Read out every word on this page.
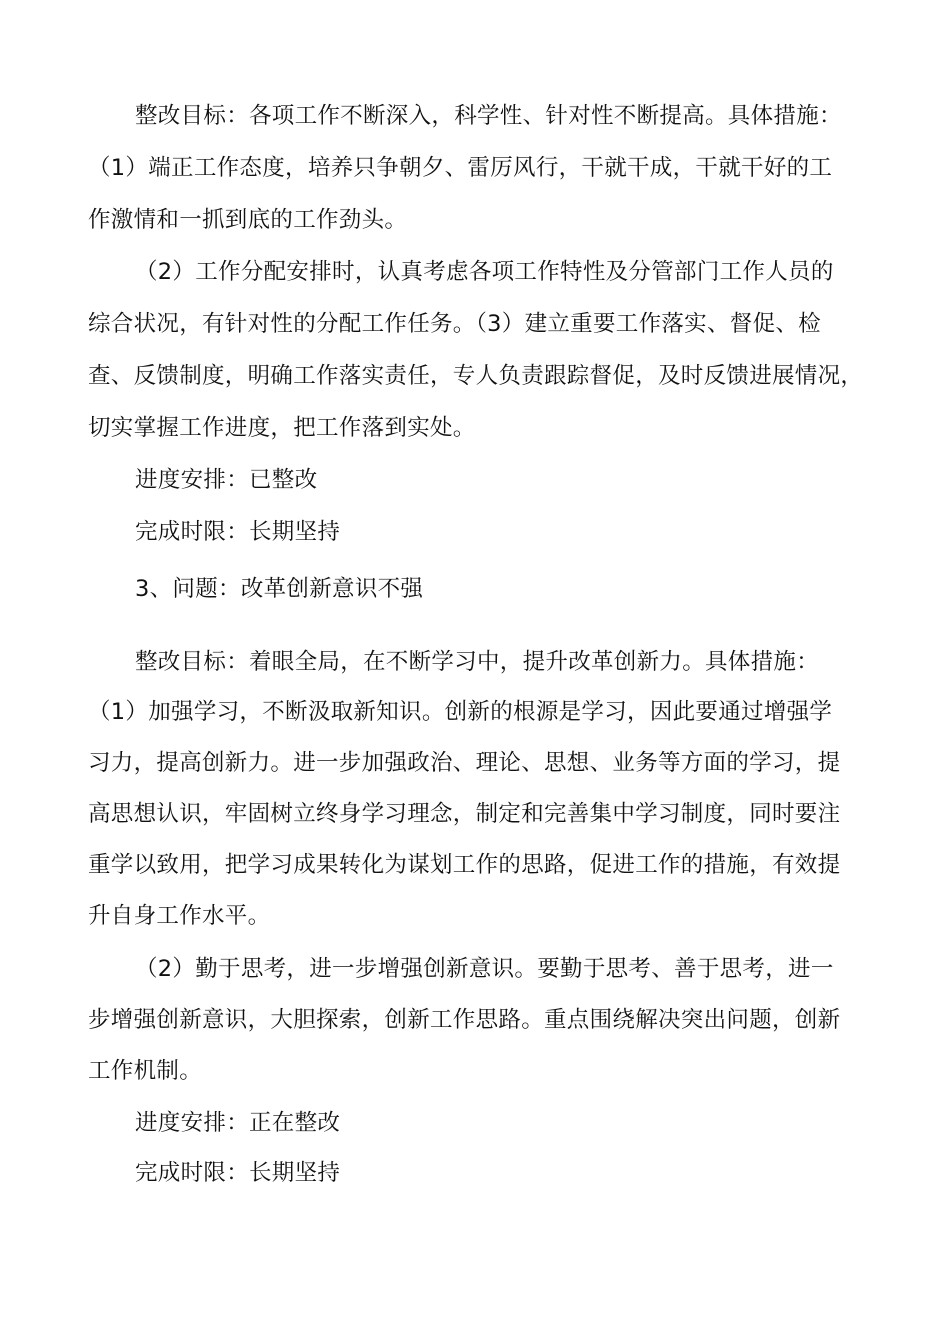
整改目标：各项工作不断深入，科学性、针对性不断提高。具体措施：
（1）端正工作态度，培养只争朝夕、雷厉风行，干就干成，干就干好的工
作激情和一抓到底的工作劲头。
（2）工作分配安排时，认真考虑各项工作特性及分管部门工作人员的
综合状况，有针对性的分配工作任务。（3）建立重要工作落实、督促、检
查、反馈制度，明确工作落实责任，专人负责跟踪督促，及时反馈进展情况，
切实掌握工作进度，把工作落到实处。
进度安排：已整改
完成时限：长期坚持
3、问题：改革创新意识不强
整改目标：着眼全局，在不断学习中，提升改革创新力。具体措施：
（1）加强学习，不断汲取新知识。创新的根源是学习，因此要通过增强学
习力，提高创新力。进一步加强政治、理论、思想、业务等方面的学习，提
高思想认识，牢固树立终身学习理念，制定和完善集中学习制度，同时要注
重学以致用，把学习成果转化为谋划工作的思路，促进工作的措施，有效提
升自身工作水平。
（2）勤于思考，进一步增强创新意识。要勤于思考、善于思考，进一
步增强创新意识，大胆探索，创新工作思路。重点围绕解决突出问题，创新
工作机制。
进度安排：正在整改
完成时限：长期坚持
